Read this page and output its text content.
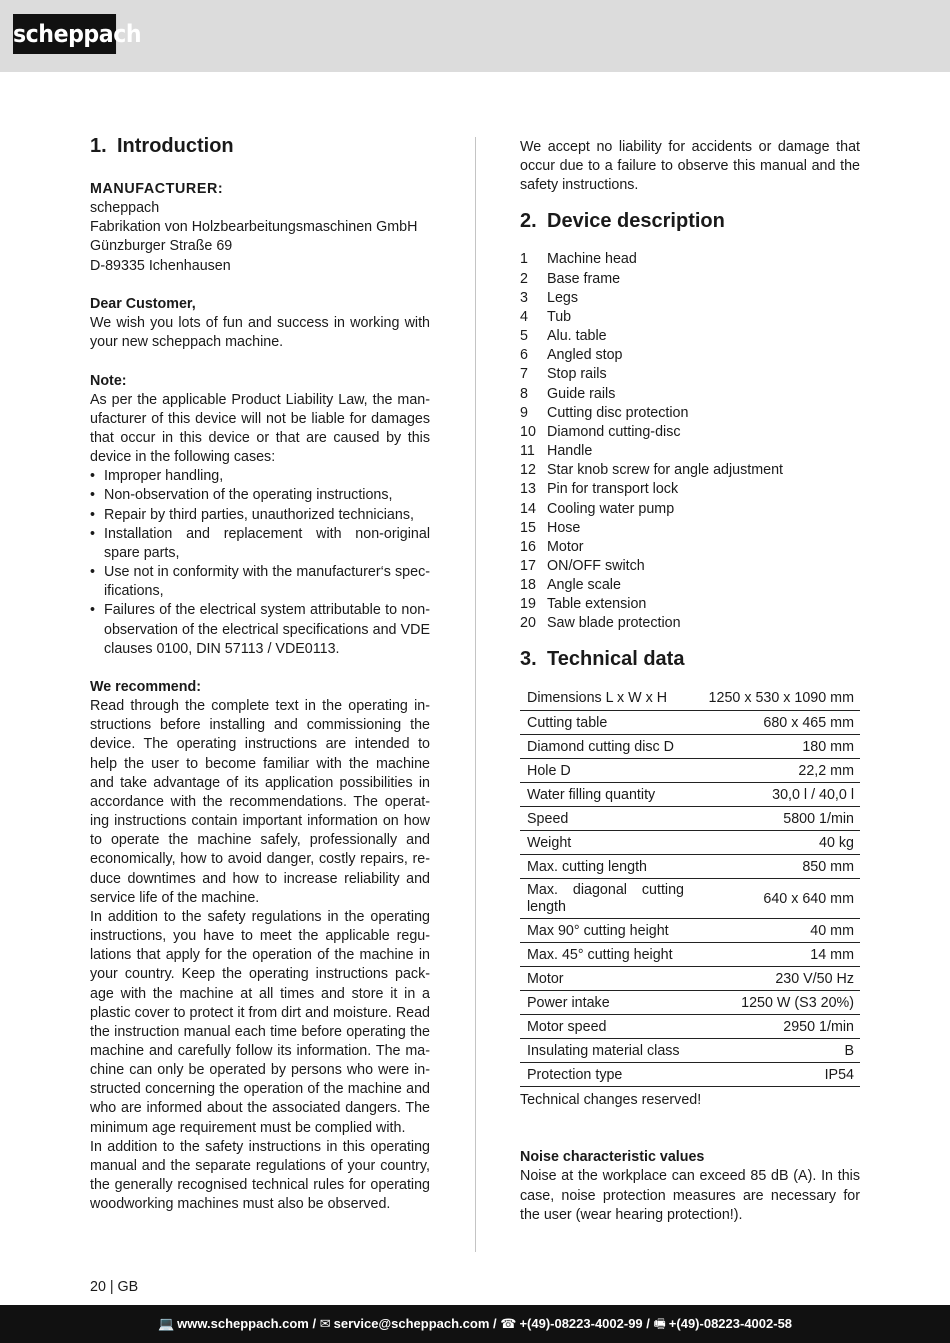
scheppach
1. Introduction
MANUFACTURER:
scheppach
Fabrikation von Holzbearbeitungsmaschinen GmbH
Günzburger Straße 69
D-89335 Ichenhausen
Dear Customer,

We wish you lots of fun and success in working with your new scheppach machine.

Note:

As per the applicable Product Liability Law, the man-ufacturer of this device will not be liable for damages that occur in this device or that are caused by this device in the following cases:

• Improper handling,
• Non-observation of the operating instructions,
• Repair by third parties, unauthorized technicians,
• Installation and replacement with non-original spare parts,
• Use not in conformity with the manufacturer‘s spec-ifications,
• Failures of the electrical system attributable to non-observation of the electrical specifications and VDE clauses 0100, DIN 57113 / VDE0113.
We recommend:

Read through the complete text in the operating in-structions before installing and commissioning the device. The operating instructions are intended to help the user to become familiar with the machine and take advantage of its application possibilities in accordance with the recommendations. The operat-ing instructions contain important information on how to operate the machine safely, professionally and economically, how to avoid danger, costly repairs, re-duce downtimes and how to increase reliability and service life of the machine.

In addition to the safety regulations in the operating instructions, you have to meet the applicable regu-lations that apply for the operation of the machine in your country. Keep the operating instructions pack-age with the machine at all times and store it in a plastic cover to protect it from dirt and moisture. Read the instruction manual each time before operating the machine and carefully follow its information. The ma-chine can only be operated by persons who were in-structed concerning the operation of the machine and who are informed about the associated dangers. The minimum age requirement must be complied with.

In addition to the safety instructions in this operating manual and the separate regulations of your country, the generally recognised technical rules for operating woodworking machines must also be observed.

We accept no liability for accidents or damage that occur due to a failure to observe this manual and the safety instructions.

2. Device description
1	Machine head
2	Base frame
3	Legs
4	Tub
5	Alu. table
6	Angled stop
7	Stop rails
8	Guide rails
9	Cutting disc protection
10 Diamond cutting-disc
11 Handle
12 Star knob screw for angle adjustment
13 Pin for transport lock
14 Cooling water pump
15 Hose
16 Motor
17 ON/OFF switch
18 Angle scale
19 Table extension
20 Saw blade protection
3. Technical data
Dimensions L x W x H	1250 x 530 x 1090 mm
Cutting table	680 x 465 mm
Diamond cutting disc D	180 mm
Hole D	22,2 mm
Water filling quantity	30,0 l / 40,0 l
Speed	5800 1/min
Weight	40 kg
Max. cutting length	850 mm
Max. diagonal cutting length	640 x 640 mm
Max 90° cutting height	40 mm
Max. 45° cutting height	14 mm
Motor	230 V/50 Hz
Power intake	1250 W (S3 20%)
Motor speed	2950 1/min
Insulating material class	B
Protection type	IP54
Technical changes reserved!
Noise characteristic values

Noise at the workplace can exceed 85 dB (A). In this case, noise protection measures are necessary for the user (wear hearing protection!).

20 | GB
💻 www.scheppach.com / ✉ service@scheppach.com / ☎ +(49)-08223-4002-99 / 🖷 +(49)-08223-4002-58
